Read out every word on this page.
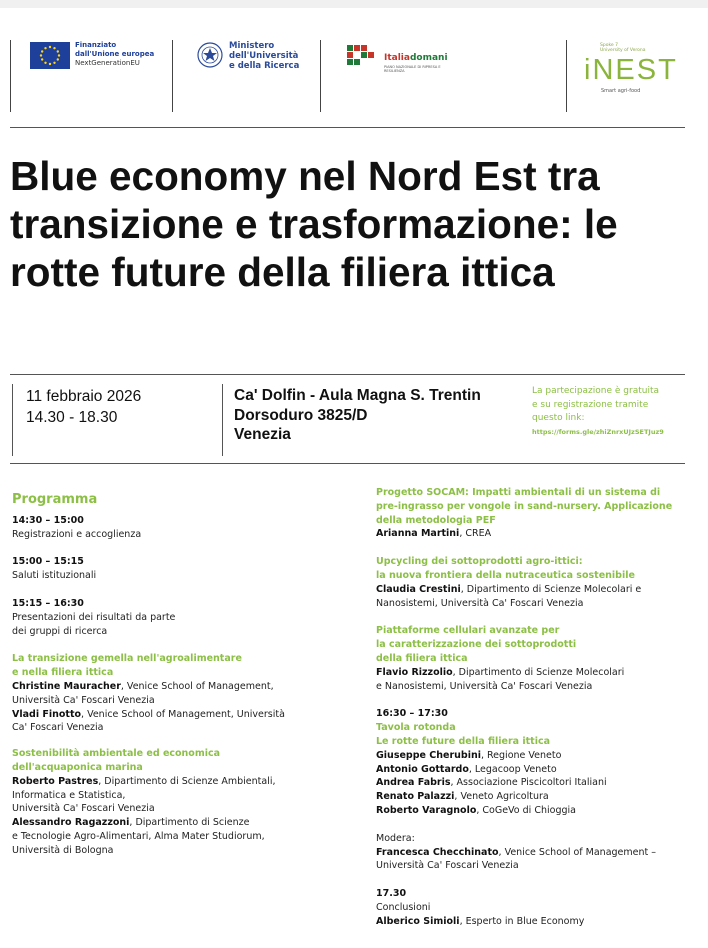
Finanziato
dall'Unione europea
NextGenerationEU
Ministero
dell'Università
e della Ricerca
Italiadomani
PIANO NAZIONALE DI RIPRESA E RESILIENZA
Spoke 7
University of Verona
iNEST
Smart agri-food
Blue economy nel Nord Est tra transizione e trasformazione: le rotte future della filiera ittica
11 febbraio 2026
14.30 - 18.30
Ca' Dolfin - Aula Magna S. Trentin
Dorsoduro 3825/D
Venezia
La partecipazione è gratuita
e su registrazione tramite
questo link:
https://forms.gle/zhiZnrxUJzSETJuz9

Programma

14:30 – 15:00

Registrazioni e accoglienza

15:00 – 15:15

Saluti istituzionali

15:15 – 16:30

Presentazioni dei risultati da parte

dei gruppi di ricerca

La transizione gemella nell'agroalimentare

e nella filiera ittica

Christine Mauracher, Venice School of Management,

Università Ca' Foscari Venezia

Vladi Finotto, Venice School of Management, Università

Ca' Foscari Venezia

Sostenibilità ambientale ed economica

dell'acquaponica marina

Roberto Pastres, Dipartimento di Scienze Ambientali,

Informatica e Statistica,

Università Ca' Foscari Venezia

Alessandro Ragazzoni, Dipartimento di Scienze

e Tecnologie Agro-Alimentari, Alma Mater Studiorum,

Università di Bologna

Progetto SOCAM: Impatti ambientali di un sistema di

pre-ingrasso per vongole in sand-nursery. Applicazione

della metodologia PEF

Arianna Martini, CREA

Upcycling dei sottoprodotti agro-ittici:

la nuova frontiera della nutraceutica sostenibile

Claudia Crestini, Dipartimento di Scienze Molecolari e

Nanosistemi, Università Ca' Foscari Venezia

Piattaforme cellulari avanzate per

la caratterizzazione dei sottoprodotti

della filiera ittica

Flavio Rizzolio, Dipartimento di Scienze Molecolari

e Nanosistemi, Università Ca' Foscari Venezia

16:30 – 17:30

Tavola rotonda

Le rotte future della filiera ittica

Giuseppe Cherubini, Regione Veneto

Antonio Gottardo, Legacoop Veneto

Andrea Fabris, Associazione Piscicoltori Italiani

Renato Palazzi, Veneto Agricoltura

Roberto Varagnolo, CoGeVo di Chioggia

Modera:

Francesca Checchinato, Venice School of Management –

Università Ca' Foscari Venezia

17.30

Conclusioni

Alberico Simioli, Esperto in Blue Economy
